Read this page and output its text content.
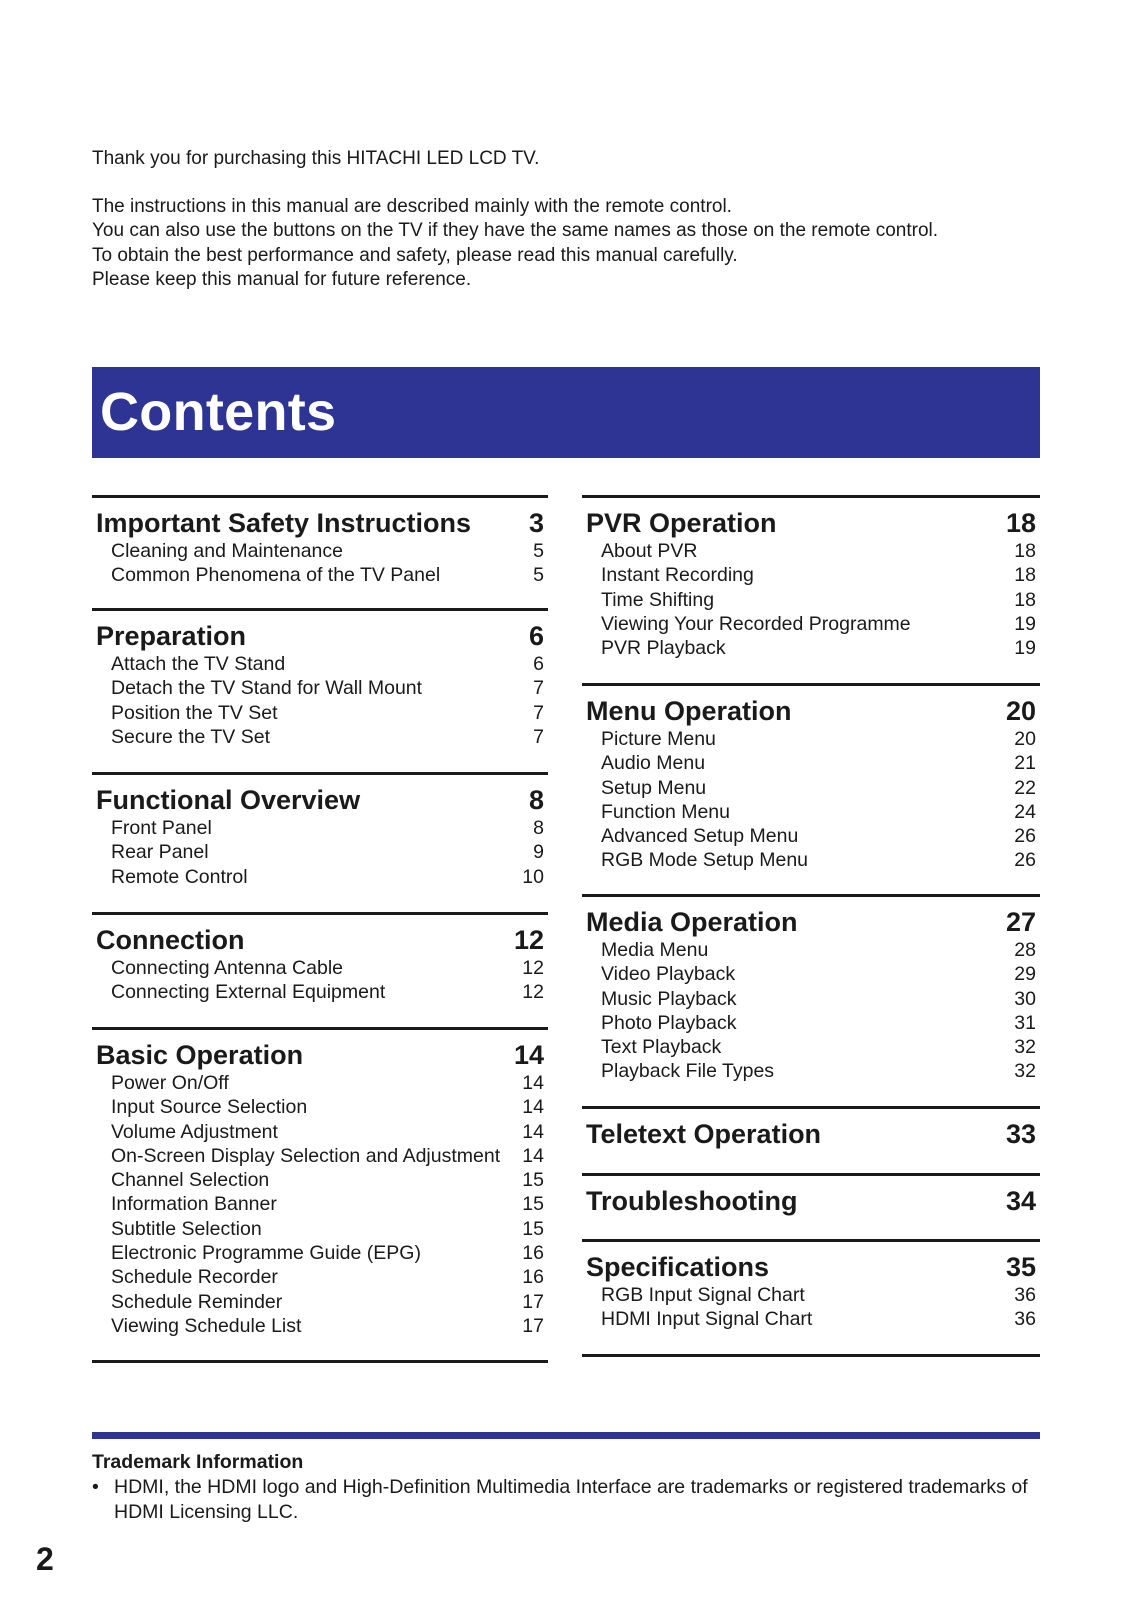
Thank you for purchasing this HITACHI LED LCD TV.

The instructions in this manual are described mainly with the remote control.

You can also use the buttons on the TV if they have the same names as those on the remote control.

To obtain the best performance and safety, please read this manual carefully.

Please keep this manual for future reference.

Contents
Important Safety Instructions 3
Cleaning and Maintenance	5
Common Phenomena of the TV Panel	5
Preparation	6
Attach the TV Stand	6
Detach the TV Stand for Wall Mount	7
Position the TV Set	7
Secure the TV Set	7
Functional Overview	8
Front Panel	8
Rear Panel	9
Remote Control	10
Connection	12
Connecting Antenna Cable	12
Connecting External Equipment	12
Basic Operation	14
Power On/Off	14
Input Source Selection	14
Volume Adjustment	14
On-Screen Display Selection and Adjustment 14
Channel Selection	15
Information Banner	15
Subtitle Selection	15
Electronic Programme Guide (EPG)	16
Schedule Recorder	16
Schedule Reminder	17
Viewing Schedule List	17
PVR Operation	18
About PVR	18
Instant Recording	18
Time Shifting	18
Viewing Your Recorded Programme	19
PVR Playback	19
Menu Operation	20
Picture Menu	20
Audio Menu	21
Setup Menu	22
Function Menu	24
Advanced Setup Menu	26
RGB Mode Setup Menu	26
Media Operation	27
Media Menu	28
Video Playback	29
Music Playback	30
Photo Playback	31
Text Playback	32
Playback File Types	32
Teletext Operation	33
Troubleshooting	34
Specifications	35
RGB Input Signal Chart	36
HDMI Input Signal Chart	36
Trademark Information
• HDMI, the HDMI logo and High-Definition Multimedia Interface are trademarks or registered trademarks of HDMI Licensing LLC.
2
